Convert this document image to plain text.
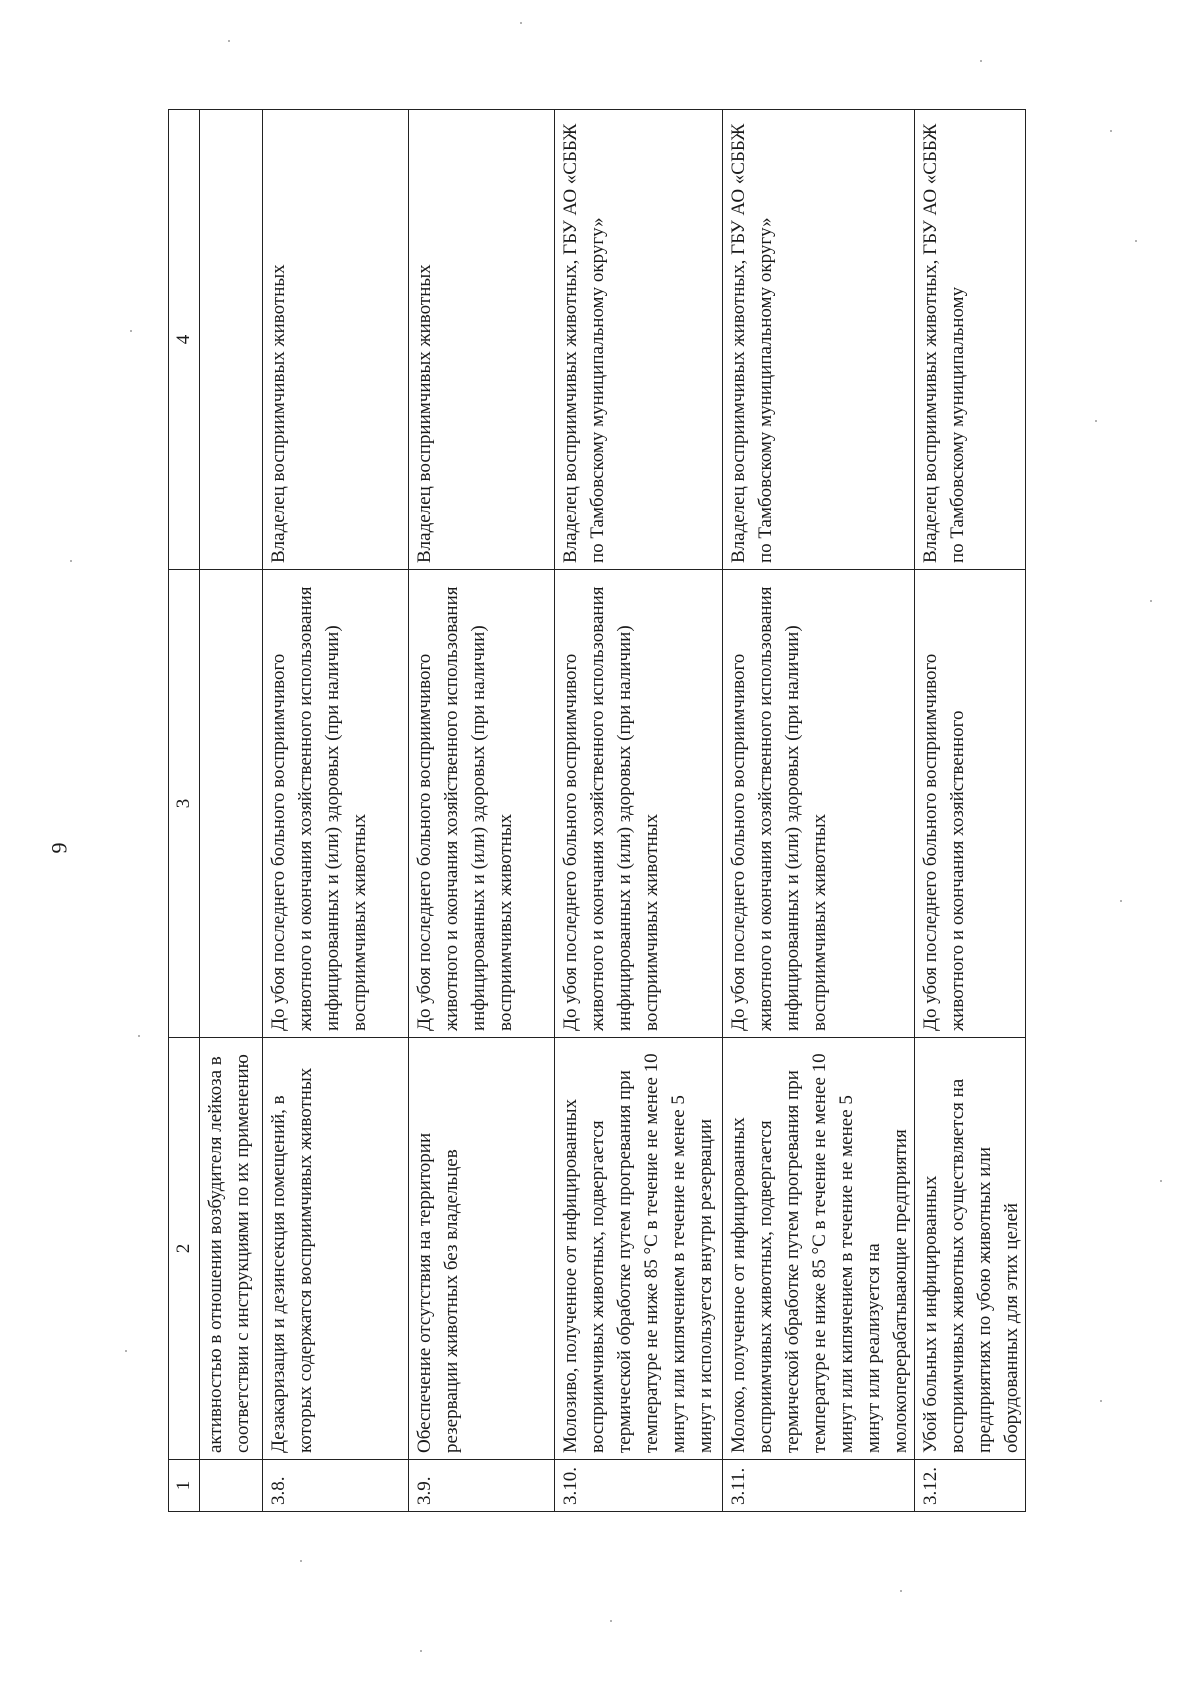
9
1	2	3	4
	активностью в отношении возбудителя лейкоза в соответствии с инструкциями по их применению		
3.8.	Дезакаризация и дезинсекция помещений, в которых содержатся восприимчивых животных	До убоя последнего больного восприимчивого животного и окончания хозяйственного использования инфицированных и (или) здоровых (при наличии) восприимчивых животных	Владелец восприимчивых животных
3.9.	Обеспечение отсутствия на территории резервации животных без владельцев	До убоя последнего больного восприимчивого животного и окончания хозяйственного использования инфицированных и (или) здоровых (при наличии) восприимчивых животных	Владелец восприимчивых животных
3.10.	Молозиво, полученное от инфицированных восприимчивых животных, подвергается термической обработке путем прогревания при температуре не ниже 85 °С в течение не менее 10 минут или кипячением в течение не менее 5 минут и используется внутри резервации	До убоя последнего больного восприимчивого животного и окончания хозяйственного использования инфицированных и (или) здоровых (при наличии) восприимчивых животных	Владелец восприимчивых животных, ГБУ АО «СББЖ по Тамбовскому муниципальному округу»
3.11.	Молоко, полученное от инфицированных восприимчивых животных, подвергается термической обработке путем прогревания при температуре не ниже 85 °С в течение не менее 10 минут или кипячением в течение не менее 5 минут или реализуется на молокоперерабатывающие предприятия	До убоя последнего больного восприимчивого животного и окончания хозяйственного использования инфицированных и (или) здоровых (при наличии) восприимчивых животных	Владелец восприимчивых животных, ГБУ АО «СББЖ по Тамбовскому муниципальному округу»
3.12.	Убой больных и инфицированных восприимчивых животных осуществляется на предприятиях по убою животных или оборудованных для этих целей	До убоя последнего больного восприимчивого животного и окончания хозяйственного	Владелец восприимчивых животных, ГБУ АО «СББЖ по Тамбовскому муниципальному
